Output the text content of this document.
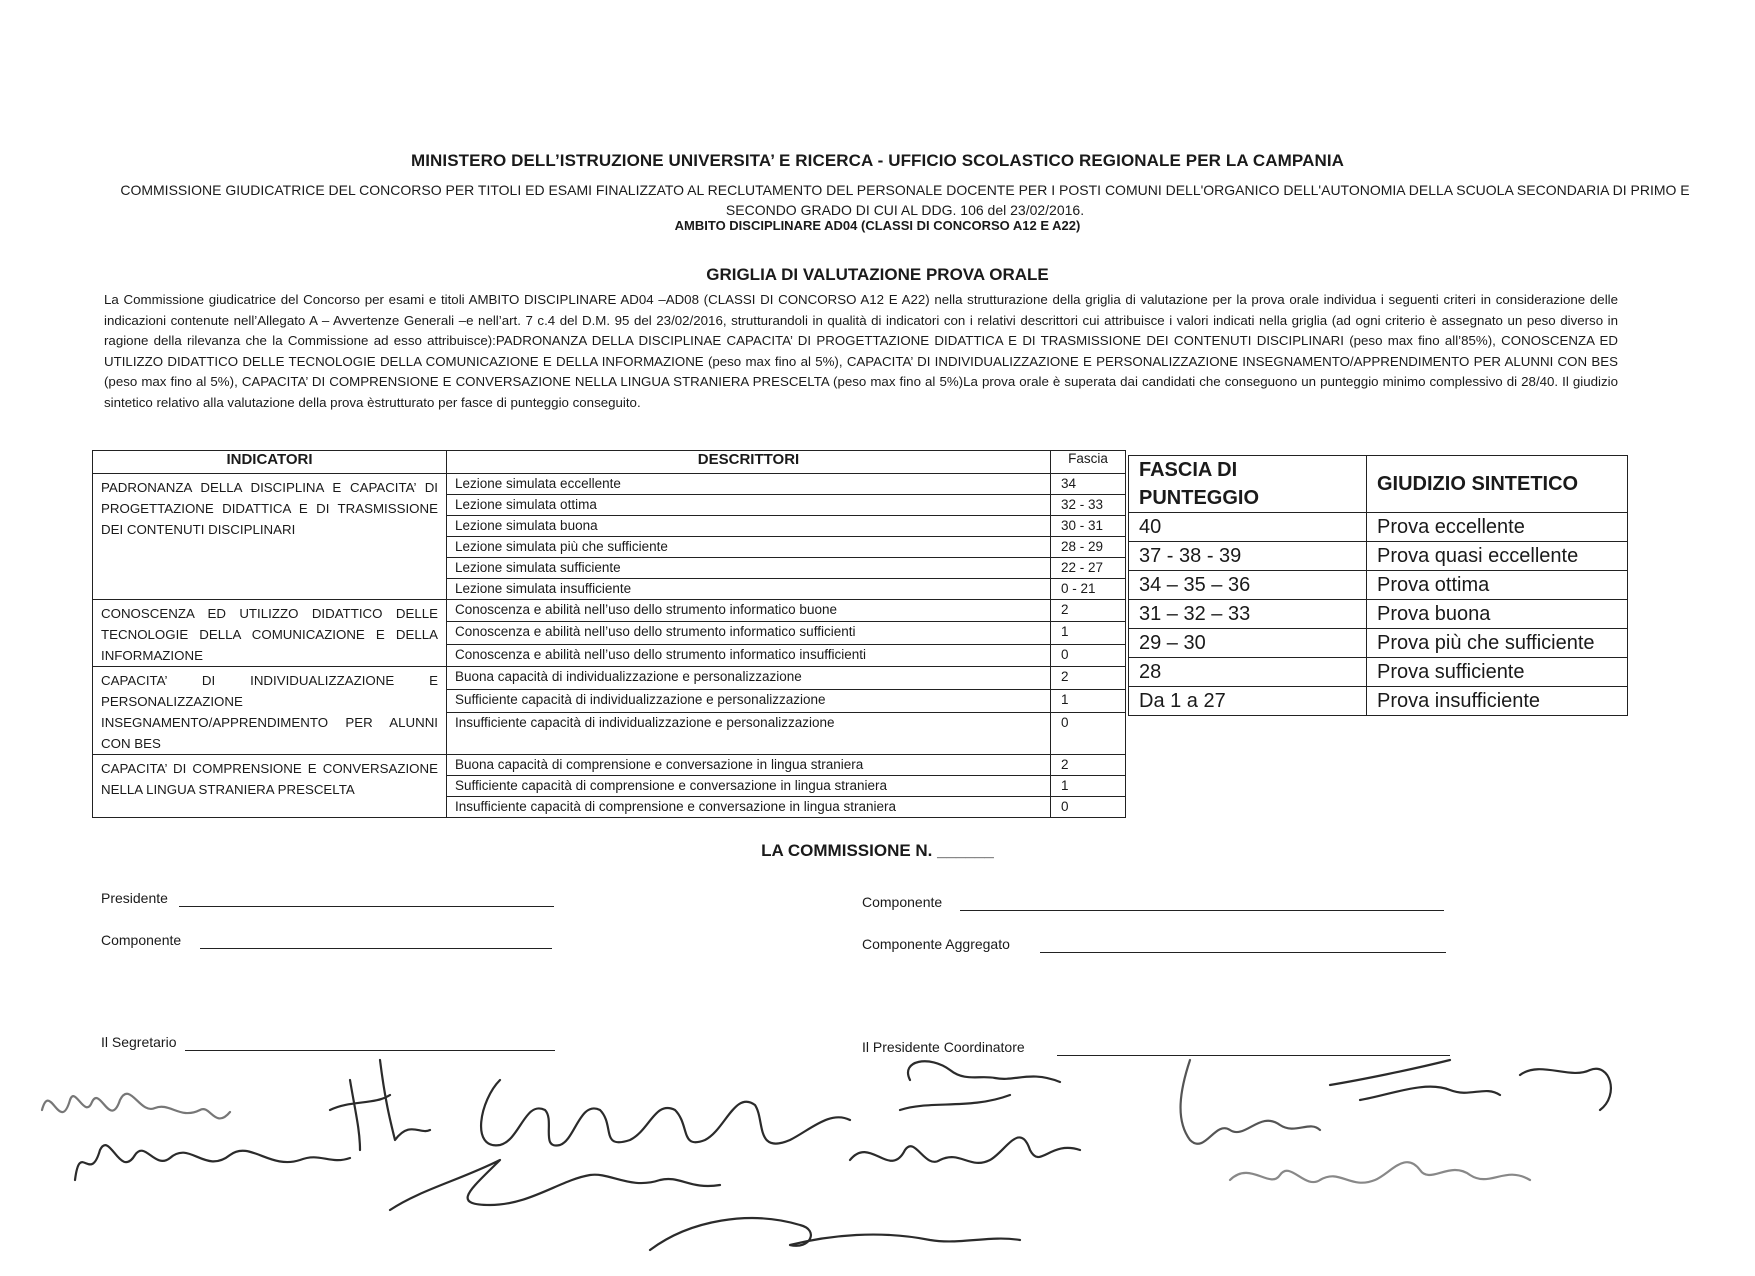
MINISTERO DELL’ISTRUZIONE UNIVERSITA’ E RICERCA - UFFICIO SCOLASTICO REGIONALE PER LA CAMPANIA
COMMISSIONE GIUDICATRICE DEL CONCORSO PER TITOLI ED ESAMI FINALIZZATO AL RECLUTAMENTO DEL PERSONALE DOCENTE PER I POSTI COMUNI DELL'ORGANICO DELL'AUTONOMIA DELLA SCUOLA SECONDARIA DI PRIMO E SECONDO GRADO DI CUI AL DDG. 106 del 23/02/2016.
AMBITO DISCIPLINARE AD04 (CLASSI DI CONCORSO A12 E A22)
GRIGLIA DI VALUTAZIONE PROVA ORALE
La Commissione giudicatrice del Concorso per esami e titoli AMBITO DISCIPLINARE AD04 –AD08 (CLASSI DI CONCORSO A12 E A22) nella strutturazione della griglia di valutazione per la prova orale individua i seguenti criteri in considerazione delle indicazioni contenute nell’Allegato A – Avvertenze Generali –e nell’art. 7 c.4 del D.M. 95 del 23/02/2016, strutturandoli in qualità di indicatori con i relativi descrittori cui attribuisce i valori indicati nella griglia (ad ogni criterio è assegnato un peso diverso in ragione della rilevanza che la Commissione ad esso attribuisce):PADRONANZA DELLA DISCIPLINAE CAPACITA’ DI PROGETTAZIONE DIDATTICA E DI TRASMISSIONE DEI CONTENUTI DISCIPLINARI (peso max fino all’85%), CONOSCENZA ED UTILIZZO DIDATTICO DELLE TECNOLOGIE DELLA COMUNICAZIONE E DELLA INFORMAZIONE (peso max fino al 5%), CAPACITA’ DI INDIVIDUALIZZAZIONE E PERSONALIZZAZIONE INSEGNAMENTO/APPRENDIMENTO PER ALUNNI CON BES (peso max fino al 5%), CAPACITA’ DI COMPRENSIONE E CONVERSAZIONE NELLA LINGUA STRANIERA PRESCELTA (peso max fino al 5%)La prova orale è superata dai candidati che conseguono un punteggio minimo complessivo di 28/40. Il giudizio sintetico relativo alla valutazione della prova èstrutturato per fasce di punteggio conseguito.
INDICATORI	DESCRITTORI	Fascia
PADRONANZA DELLA DISCIPLINA E CAPACITA’ DI PROGETTAZIONE DIDATTICA E DI TRASMISSIONE DEI CONTENUTI DISCIPLINARI	Lezione simulata eccellente	34
	Lezione simulata ottima	32 - 33
	Lezione simulata buona	30 - 31
	Lezione simulata più che sufficiente	28 - 29
	Lezione simulata sufficiente	22 - 27
	Lezione simulata insufficiente	0 - 21
CONOSCENZA ED UTILIZZO DIDATTICO DELLE TECNOLOGIE DELLA COMUNICAZIONE E DELLA INFORMAZIONE	Conoscenza e abilità nell’uso dello strumento informatico buone	2
	Conoscenza e abilità nell’uso dello strumento informatico sufficienti	1
	Conoscenza e abilità nell’uso dello strumento informatico insufficienti	0
CAPACITA’ DI INDIVIDUALIZZAZIONE E PERSONALIZZAZIONE INSEGNAMENTO/APPRENDIMENTO PER ALUNNI CON BES	Buona capacità di individualizzazione e personalizzazione	2
	Sufficiente capacità di individualizzazione e personalizzazione	1
	Insufficiente capacità di individualizzazione e personalizzazione	0
CAPACITA’ DI COMPRENSIONE E CONVERSAZIONE NELLA LINGUA STRANIERA PRESCELTA	Buona capacità di comprensione e conversazione in lingua straniera	2
	Sufficiente capacità di comprensione e conversazione in lingua straniera	1
	Insufficiente capacità di comprensione e conversazione in lingua straniera	0
FASCIA DI PUNTEGGIO	GIUDIZIO SINTETICO
40	Prova eccellente
37 - 38 - 39	Prova quasi eccellente
34 – 35 – 36	Prova ottima
31 – 32 – 33	Prova buona
29 – 30	Prova più che sufficiente
28	Prova sufficiente
Da 1 a 27	Prova insufficiente
LA COMMISSIONE N. ______
Presidente
Componente
Il Segretario
Componente
Componente Aggregato
Il Presidente Coordinatore
